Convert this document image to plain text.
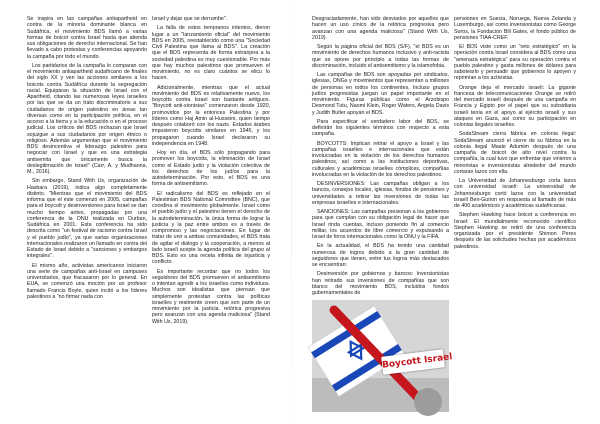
Se inspira en las campañas antiapartheid en contra de la minoría dominante blanca en Sudáfrica, el movimiento BDS llamó a varias formas de boicot contra Israel hasta que atienda sus obligaciones de derecho internacional. Se han llevado a cabo protestas y conferencias apoyando la campaña por todo el mundo.

Los partidarios de la campaña lo comparan con el movimiento antiapartheid sudafricano de finales del siglo XX y ven las acciones similares a los boicots contra Sudáfrica durante la segregación racial. Equiparan la situación de Israel con el Apartheid, citando las numerosas leyes israelíes por las que se da un trato discriminatorio a sus ciudadanos de origen palestino en áreas tan diversas como en la participación política, en el acceso a la tierra y a la educación o en el proceso judicial. Los críticos del BDS rechazan que Israel sojuzgue a sus ciudadanos por origen étnico o religioso. Además argumentan que el movimiento BDS desincentiva el liderazgo palestino para negociar con Israel y que es una estrategia antisemita que únicamente busca la deslegitimación de Israel" (Carr, A. y Mudhanna, M., 2016).

Sin embargo, Stand With Us, organización de Hasbara (2019), indica algo completamente distinto. "Mientras que el movimiento del BDS informa que el éste comenzó en 2005, campañas para el boycott y desinversiones para Israel se dan mucho tiempo antes, propagadas por una conferencia de la ONU realizada en Durban, Sudáfrica en 2001. Esta conferencia ha sido descrita como "un festival de racismo contra Israel y el pueblo judío", ya que varias organizaciones internacionales realizaron un llamado en contra del Estado de Israel debido a "sanciones y embargos integrales".

El mismo año, activistas americanos iniciaron una serie de campañas anti-Israel en campuses universitarios, que fracasaron por lo general. En EUA, se comenzó una moción por un profesor llamado Francis Boyle, quien incitó a los líderes palestinos a "no firmar nada con

Israel y dejar que se derrumbe".

La falla de estos tempranos intentos, dieron lugar a un "lanzamiento oficial" del movimiento BDS en 2005, reestablecido como una "Sociedad Civil Palestina que llama al BDS". La creación que el BDS representa de forma extranjera a la sociedad palestina es muy cuestionable. Por más que hay muchos palestinos que promueven el movimiento, no es claro cuántos se elicu lo hacen.

Adicionalmente, mientras que el actual movimiento del BDS es relativamente nuevo, los boycotts contra Israel son bastante antiguos. "Boycott anti-sionistas" comenzaron desde 1920, promovidos por la entonces Palestina y por líderes como Haj Amin al-Husseini, quien tiempo después colaboró con los nazis. Estados árabes impusieron boycotts similares en 1945, y los propagaron cuando Israel declararon su independencia en 1948.

Hoy en día, el BDS sólo propagando para promover los boycotts, la eliminación de Israel como el Estado judío y la violación colectiva de los derechos de los judíos para la autodeterminación. Por esto, el BDS es una forma de antisemitismo.

El radicalismo del BDS es reflejado en el Palestinian BDS National Committee (BNC), que coordina el movimiento globalmente. Israel como el pueblo judío y el palestino tienen el derecho de la autodeterminación, la única forma de lograr la justicia y la paz entre ambos es a través de compromiso y las negociaciones. En lugar de tratar de unir a ambas comunidades, el BDS trata de agitar el diálogo y la cooperación, a menos al lado israelí acepte la agenda política del grupo al BDS. Esto es una receta infinita de injusticia y conflicto.

Es importante recordar que no todos los seguidores del BDS promueven el antisemitismo o intentan agredir a los israelíes como individuos. Muchos son idealistas que piensan que simplemente protestan contra las políticas israelíes y realmente creen que son parte de un movimiento por la justicia. retórica progresiva pero avanzan con una agenda maliciosa" (Stand With Us, 2019).

Desgraciadamente, han sido desviados por aquellos que hacen un uso cínico de la retórica progresiva pero avanzan con una agenda maliciosa" (Stand With Us, 2019).

Según la página oficial del BDS (S/F), "el BDS es un movimiento de derechos humanos inclusivo y anti-racista que se opone por principio a todas las formas de discriminación, incluido el antisemitismo y la islamofobia.

Las campañas de BDS son apoyadas por sindicatos, iglesias, ONGs y movimientos que representan a millones de personas en todos los continentes. Incluso grupos judíos progresistas juegan un papel importante en el movimiento. Figuras públicas como el Arzobispo Desmond Tutu, Naomi Klein, Roger Waters, Angela Davis y Judith Butler apoyan el BDS.

Para especificar el verdadero labor del BDS, se definirán los siguientes términos con respecto a esta campaña.

BOYCOTTS: Implican retirar el apoyo a Israel y las campañas israelíes e internacionales que están involucradas en la violación de los derechos humanos palestinos, así como a las instituciones deportivas, culturales y académicas israelíes cómplices, compañías involucradas en la violación de los derechos palestinos.

DESINVERSIONES: Las campañas obligan a los bancos, consejos locales, iglesias, fondos de pensiones y universidades a retirar las inversiones de todas las empresas israelíes e internacionales.

SANCIONES: Las campañas presionan a los gobiernos para que cumplan con su obligación legal de hacer que Israel rinda cuentas, incluso poniendo fin al comercio militar, los acuerdos de libre comercio y expulsando a Israel de foros internacionales como la ONU y la FIFA.

En la actualidad, el BDS ha tenido una cantidad numerosa de logros debido a la gran cantidad de seguidores que tienen, entre tus logros más destacados se encuentran:

Desinversión por gobiernos y bancos: Inversionistas han retirado sus inversiones de compañías que son blanco del movimiento BDS, incluidos fondos gubernamentales de

Boycott Israel

pensiones en Suecia, Noruega, Nueva Zelanda y Luxemburgo, así como inversionistas como George Soros, la Fundación Bill Gates, el fondo público de pensiones TIAA-CREF.

El BDS viste como un "reto estratégico" en la operación contra Israel considera al BDS como una "amenaza estratégica" para su operación contra el pueblo palestino y gasta millones de dólares para sabotearlo y persuadir que gobiernos lo apoyen y reprimían a los activistas.

Orange deja el mercado israelí: La gigante francesa de telecomunicaciones Orange se retiró del mercado israelí después de una campaña en Francia y Egipto por el papel que su subsidiaria israelí tenía en el apoyo al ejército israelí y sus ataques en Gaza, así como su participación en colonias ilegales israelíes.

SodaStream cierra fábrica en colonia ilegal: SodaStream anunció el cierre de su fábrica en la colonia ilegal Maale Adumim después de una campaña de boicot de alto nivel contra la compañía, la cual tuvo que enfrentar que vinieron a minoristas e inversionistas alrededor del mundo cortaran lazos con ella.

La Universidad de Johannesburgo corta lazos con universidad israelí: La universidad de Johannesburgo cortó lazos con la universidad israelí Ben-Gurion en respuesta al llamado de más de 400 académicos y académicas sudafricanas.

Stephen Hawking hace boicot a conferencia en Israel: El mundialmente reconocido científico Stephen Hawking se retiró de una conferencia organizada por el presidente Shimon Peres después de las solicitudes hechas por académicos palestinos.
